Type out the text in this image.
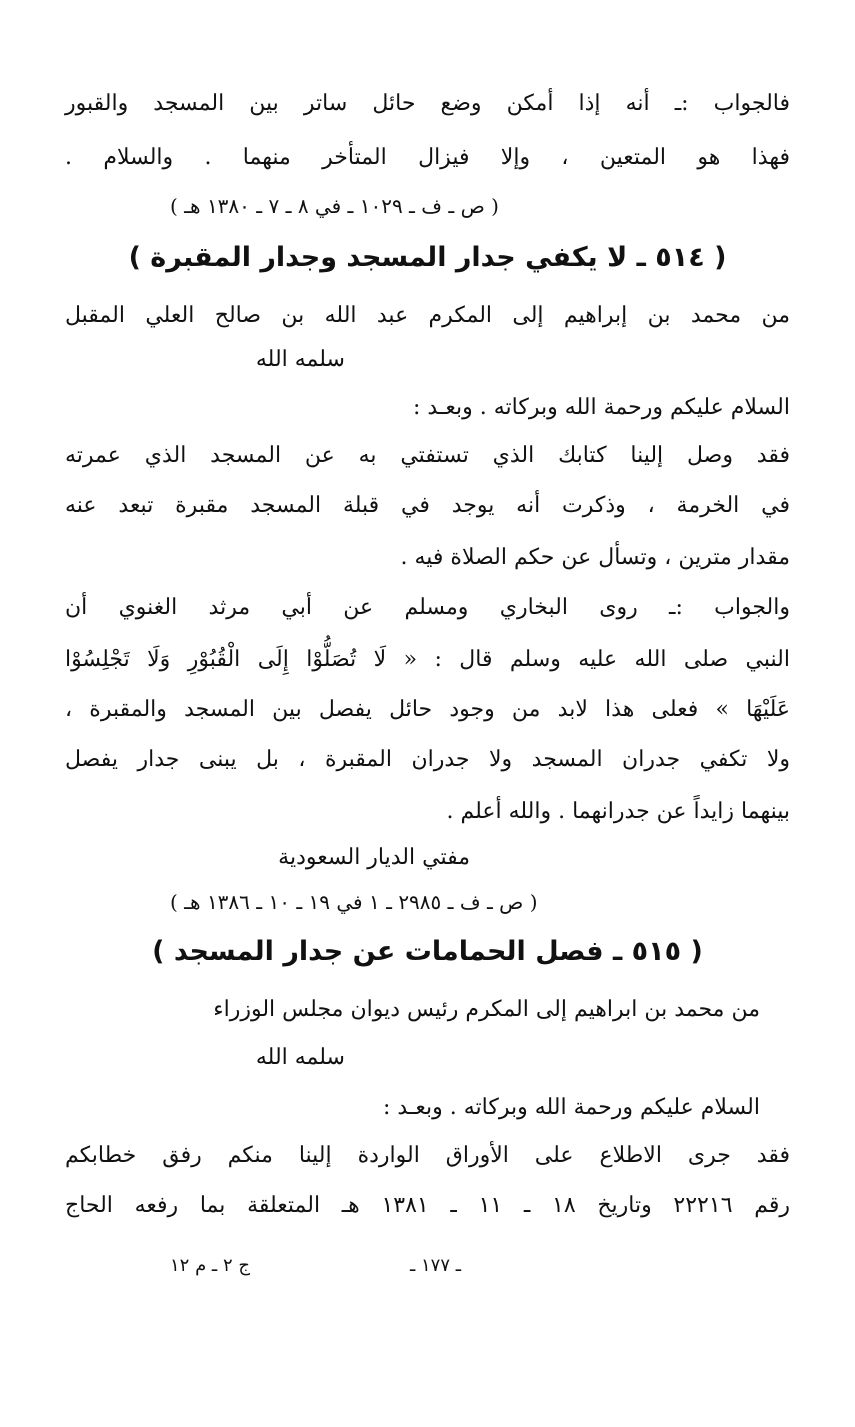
فالجواب :ـ أنه إذا أمكن وضع حائل ساتر بين المسجد والقبور
فهذا هو المتعين ، وإلا فيزال المتأخر منهما . والسلام .
( ص ـ ف ـ ١٠٢٩ ـ في ٨ ـ ٧ ـ ١٣٨٠ هـ )
( ٥١٤ ـ لا يكفي جدار المسجد وجدار المقبرة )
من محمد بن إبراهيم إلى المكرم عبد الله بن صالح العلي المقبل
سلمه الله
السلام عليكم ورحمة الله وبركاته . وبعـد :
فقد وصل إلينا كتابك الذي تستفتي به عن المسجد الذي عمرته
في الخرمة ، وذكرت أنه يوجد في قبلة المسجد مقبرة تبعد عنه
مقدار مترين ، وتسأل عن حكم الصلاة فيه .
والجواب :ـ روى البخاري ومسلم عن أبي مرثد الغنوي أن
النبي صلى الله عليه وسلم قال : « لَا تُصَلُّوْا إِلَى الْقُبُوْرِ وَلَا تَجْلِسُوْا
عَلَيْهَا » فعلى هذا لابد من وجود حائل يفصل بين المسجد والمقبرة ،
ولا تكفي جدران المسجد ولا جدران المقبرة ، بل يبنى جدار يفصل
بينهما زايداً عن جدرانهما . والله أعلم .
مفتي الديار السعودية
( ص ـ ف ـ ٢٩٨٥ ـ ١ في ١٩ ـ ١٠ ـ ١٣٨٦ هـ )
( ٥١٥ ـ فصل الحمامات عن جدار المسجد )
من محمد بن ابراهيم إلى المكرم رئيس ديوان مجلس الوزراء
سلمه الله
السلام عليكم ورحمة الله وبركاته . وبعـد :
فقد جرى الاطلاع على الأوراق الواردة إلينا منكم رفق خطابكم
رقم ٢٢٢١٦ وتاريخ ١٨ ـ ١١ ـ ١٣٨١ هـ المتعلقة بما رفعه الحاج
ـ ١٧٧ ـ
ج ٢ ـ م ١٢
